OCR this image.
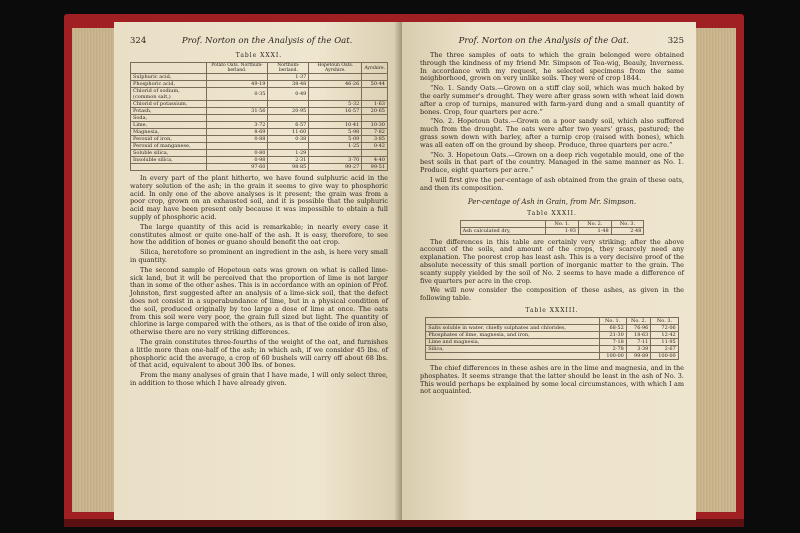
324	Prof. Norton on the Analysis of the Oat.
Table XXXI.
	Potato Oats. Northum-berland.	Northum-berland.	Hopetoun Oats. Ayrshire.	Ayrshire.
Sulphuric acid,		1·37		
Phosphoric acid,	49·19	38·48	46·26	50·44
Chlorid of sodium, (common salt,)	0·35	0·49		
Chlorid of potassium,			5·32	1·63
Potash,	31·56	20·95	16·57	20·65
Soda,				
Lime,	3·72	6·57	10·41	10·30
Magnesia,	8·69	11·60	5·98	7·82
Peroxid of iron,	0·88	0·38	5·09	3·85
Peroxid of manganese,			1·25	0·42
Soluble silica,	0·80	1·29		
Insoluble silica,	0·98	2·31	3·70	4·40
	97·60	98·85	99·27	99·51

In every part of the plant hitherto, we have found sulphuric acid in the watery solution of the ash; in the grain it seems to give way to phosphoric acid. In only one of the above analyses is it present; the grain was from a poor crop, grown on an exhausted soil, and it is possible that the sulphuric acid may have been present only because it was impossible to obtain a full supply of phosphoric acid.

The large quantity of this acid is remarkable; in nearly every case it constitutes almost or quite one-half of the ash. It is easy, therefore, to see how the addition of bones or guano should benefit the oat crop.

Silica, heretofore so prominent an ingredient in the ash, is here very small in quantity.

The second sample of Hopetoun oats was grown on what is called lime-sick land, but it will be perceived that the proportion of lime is not larger than in some of the other ashes. This is in accordance with an opinion of Prof. Johnston, first suggested after an analysis of a lime-sick soil, that the defect does not consist in a superabundance of lime, but in a physical condition of the soil, produced originally by too large a dose of lime at once. The oats from this soil were very poor, the grain full sized but light. The quantity of chlorine is large compared with the others, as is that of the oxide of iron also, otherwise there are no very striking differences.

The grain constitutes three-fourths of the weight of the oat, and furnishes a little more than one-half of the ash; in which ash, if we consider 45 lbs. of phosphoric acid the average, a crop of 60 bushels will carry off about 68 lbs. of that acid, equivalent to about 300 lbs. of bones.

From the many analyses of grain that I have made, I will only select three, in addition to those which I have already given.

Prof. Norton on the Analysis of the Oat.	325

The three samples of oats to which the grain belonged were obtained through the kindness of my friend Mr. Simpson of Tea-wig, Beauly, Inverness. In accordance with my request, he selected specimens from the same neighborhood, grown on very unlike soils. They were of crop 1844.

“No. 1. Sandy Oats.—Grown on a stiff clay soil, which was much baked by the early summer's drought. They were after grass sown with wheat laid down after a crop of turnips, manured with farm-yard dung and a small quantity of bones. Crop, four quarters per acre.”

“No. 2. Hopetoun Oats.—Grown on a poor sandy soil, which also suffered much from the drought. The oats were after two years' grass, pastured; the grass sown down with barley, after a turnip crop (raised with bones), which was all eaten off on the ground by sheep. Produce, three quarters per acre.”

“No. 3. Hopetoun Oats.—Grown on a deep rich vegetable mould, one of the best soils in that part of the country. Managed in the same manner as No. 1. Produce, eight quarters per acre.”

I will first give the per-centage of ash obtained from the grain of these oats, and then its composition.

Per-centage of Ash in Grain, from Mr. Simpson.
Table XXXII.
	No. 1.	No. 2.	No. 3.
Ash calculated dry,	1·93	1·48	2·48

The differences in this table are certainly very striking; after the above account of the soils, and amount of the crops, they scarcely need any explanation. The poorest crop has least ash. This is a very decisive proof of the absolute necessity of this small portion of inorganic matter to the grain. The scanty supply yielded by the soil of No. 2 seems to have made a difference of five quarters per acre in the crop.

We will now consider the composition of these ashes, as given in the following table.

Table XXXIII.
	No. 1.	No. 2.	No. 3.
Salts soluble in water, chiefly sulphates and chlorides,	68·52	76·96	72·06
Phosphates of lime, magnesia, and iron,	21·30	18·63	12·42
Lime and magnesia,	7·18	7·11	11·95
Silica,	2·78	3·39	2·67
	100·00	99·89	100·00

The chief differences in these ashes are in the lime and magnesia, and in the phosphates. It seems strange that the latter should be least in the ash of No. 3. This would perhaps be explained by some local circumstances, with which I am not acquainted.
